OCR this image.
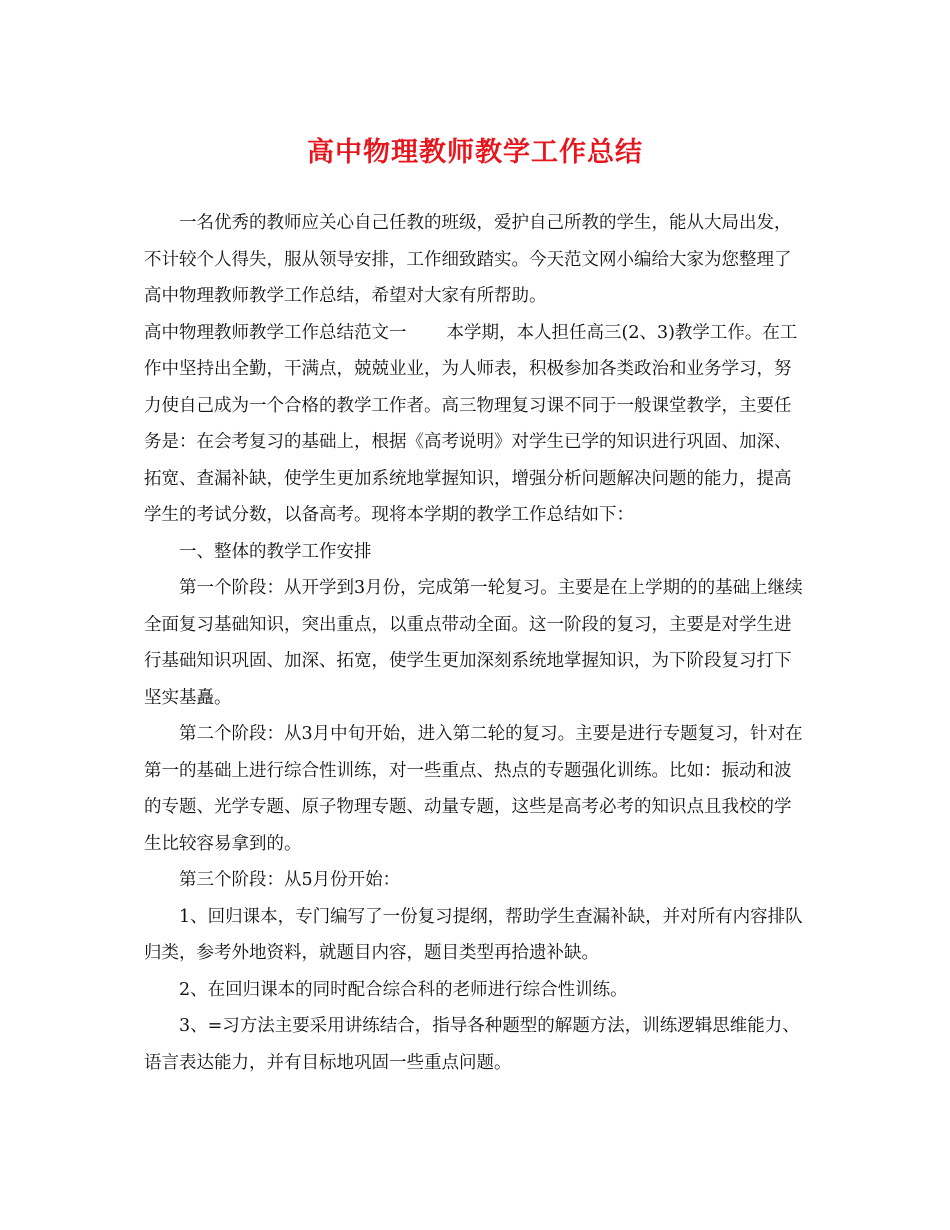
高中物理教师教学工作总结

一名优秀的教师应关心自己任教的班级，爱护自己所教的学生，能从大局出发，不计较个人得失，服从领导安排，工作细致踏实。今天范文网小编给大家为您整理了高中物理教师教学工作总结，希望对大家有所帮助。

高中物理教师教学工作总结范文一 本学期，本人担任高三(2、3)教学工作。在工作中坚持出全勤，干满点，兢兢业业，为人师表，积极参加各类政治和业务学习，努力使自己成为一个合格的教学工作者。高三物理复习课不同于一般课堂教学，主要任务是：在会考复习的基础上，根据《高考说明》对学生已学的知识进行巩固、加深、拓宽、查漏补缺，使学生更加系统地掌握知识，增强分析问题解决问题的能力，提高学生的考试分数，以备高考。现将本学期的教学工作总结如下：

一、整体的教学工作安排

第一个阶段：从开学到3月份，完成第一轮复习。主要是在上学期的的基础上继续全面复习基础知识，突出重点，以重点带动全面。这一阶段的复习，主要是对学生进行基础知识巩固、加深、拓宽，使学生更加深刻系统地掌握知识，为下阶段复习打下坚实基矗。

第二个阶段：从3月中旬开始，进入第二轮的复习。主要是进行专题复习，针对在第一的基础上进行综合性训练，对一些重点、热点的专题强化训练。比如：振动和波的专题、光学专题、原子物理专题、动量专题，这些是高考必考的知识点且我校的学生比较容易拿到的。

第三个阶段：从5月份开始：

1、回归课本，专门编写了一份复习提纲，帮助学生查漏补缺，并对所有内容排队归类，参考外地资料，就题目内容，题目类型再拾遗补缺。

2、在回归课本的同时配合综合科的老师进行综合性训练。

3、=习方法主要采用讲练结合，指导各种题型的解题方法，训练逻辑思维能力、语言表达能力，并有目标地巩固一些重点问题。
